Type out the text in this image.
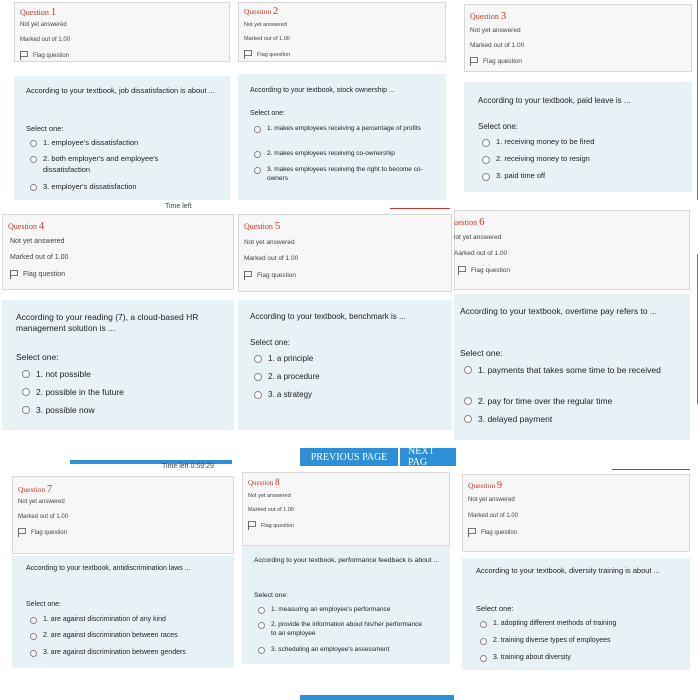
Question 1
Not yet answered
Marked out of 1.00
Flag question
According to your textbook, job dissatisfaction is about ...
Select one:
1. employee's dissatisfaction
2. both employer's and employee's dissatisfaction
3. employer's dissatisfaction
Time left
Question 2
Not yet answered
Marked out of 1.00
Flag question
According to your textbook, stock ownership ...
Select one:
1. makes employees receiving a percentage of profits
2. makes employees receiving co-ownership
3. makes employees receiving the right to become co-owners
Question 3
Not yet answered
Marked out of 1.00
Flag question
According to your textbook, paid leave is ...
Select one:
1. receiving money to be fired
2. receiving money to resign
3. paid time off
Question 4
Not yet answered
Marked out of 1.00
Flag question
According to your reading (7), a cloud-based HR management solution is ...
Select one:
1. not possible
2. possible in the future
3. possible now
Question 5
Not yet answered
Marked out of 1.00
Flag question
According to your textbook, benchmark is ...
Select one:
1. a principle
2. a procedure
3. a strategy
uestion 6
lot yet answered
Aarked out of 1.00
Flag question
According to your textbook, overtime pay refers to ...
Select one:
1. payments that takes some time to be received
2. pay for time over the regular time
3. delayed payment
PREVIOUS PAGE	NEXT PAG
Time left 0:59:29
Question 7
Not yet answered
Marked out of 1.00
Flag question
According to your textbook, antidiscrimination laws ...
Select one:
1. are against discrimination of any kind
2. are against discrimination between races
3. are against discrimination between genders
Question 8
Not yet answered
Marked out of 1.00
Flag question
According to your textbook, performance feedback is about ...
Select one:
1. measuring an employee's performance
2. provide the information about his/her performance to an employee
3. scheduling an employee's assessment
Question 9
Not yet answered
Marked out of 1.00
Flag question
According to your textbook, diversity training is about ...
Select one:
1. adopting different methods of training
2. training diverse types of employees
3. training about diversity
